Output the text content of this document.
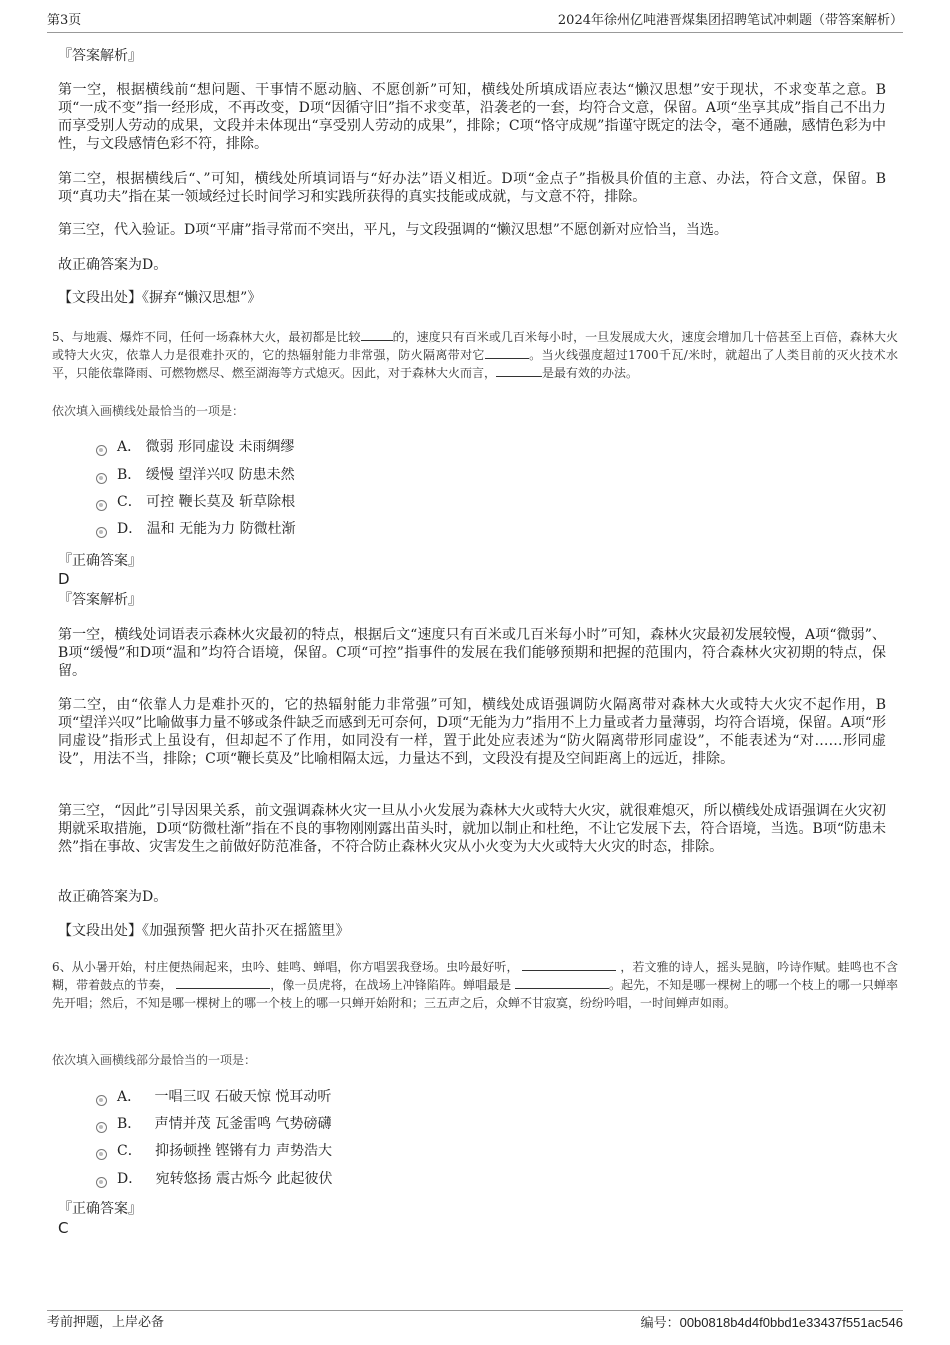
第3页	2024年徐州亿吨港晋煤集团招聘笔试冲刺题（带答案解析）
『答案解析』
第一空，根据横线前“想问题、干事情不愿动脑、不愿创新”可知，横线处所填成语应表达“懒汉思想”安于现状，不求变革之意。B项“一成不变”指一经形成，不再改变，D项“因循守旧”指不求变革，沿袭老的一套，均符合文意，保留。A项“坐享其成”指自己不出力而享受别人劳动的成果，文段并未体现出“享受别人劳动的成果”，排除；C项“恪守成规”指谨守既定的法令，毫不通融，感情色彩为中性，与文段感情色彩不符，排除。
第二空，根据横线后“、”可知，横线处所填词语与“好办法”语义相近。D项“金点子”指极具价值的主意、办法，符合文意，保留。B项“真功夫”指在某一领域经过长时间学习和实践所获得的真实技能或成就，与文意不符，排除。
第三空，代入验证。D项“平庸”指寻常而不突出，平凡，与文段强调的“懒汉思想”不愿创新对应恰当，当选。
故正确答案为D。
【文段出处】《摒弃“懒汉思想”》
5、与地震、爆炸不同，任何一场森林大火，最初都是比较	的，速度只有百米或几百米每小时，一旦发展成大火，速度会增加几十倍甚至上百倍，森林大火或特大火灾，依靠人力是很难扑灭的，它的热辐射能力非常强，防火隔离带对它	。当火线强度超过1700千瓦/米时，就超出了人类目前的灭火技术水平，只能依靠降雨、可燃物燃尽、燃至湖海等方式熄灭。因此，对于森林大火而言，	是最有效的办法。
依次填入画横线处最恰当的一项是：
A．
微弱 形同虚设 未雨绸缪
B．
缓慢 望洋兴叹 防患未然
C．
可控 鞭长莫及 斩草除根
D．
温和 无能为力 防微杜渐
『正确答案』
D
『答案解析』
第一空，横线处词语表示森林火灾最初的特点，根据后文“速度只有百米或几百米每小时”可知，森林火灾最初发展较慢，A项“微弱”、B项“缓慢”和D项“温和”均符合语境，保留。C项“可控”指事件的发展在我们能够预期和把握的范围内，符合森林火灾初期的特点，保留。
第二空，由“依靠人力是难扑灭的，它的热辐射能力非常强”可知，横线处成语强调防火隔离带对森林大火或特大火灾不起作用，B项“望洋兴叹”比喻做事力量不够或条件缺乏而感到无可奈何，D项“无能为力”指用不上力量或者力量薄弱，均符合语境，保留。A项“形同虚设”指形式上虽设有，但却起不了作用，如同没有一样，置于此处应表述为“防火隔离带形同虚设”，不能表述为“对……形同虚设”，用法不当，排除；C项“鞭长莫及”比喻相隔太远，力量达不到，文段没有提及空间距离上的远近，排除。
第三空，“因此”引导因果关系，前文强调森林火灾一旦从小火发展为森林大火或特大火灾，就很难熄灭，所以横线处成语强调在火灾初期就采取措施，D项“防微杜渐”指在不良的事物刚刚露出苗头时，就加以制止和杜绝，不让它发展下去，符合语境，当选。B项“防患未然”指在事故、灾害发生之前做好防范准备，不符合防止森林火灾从小火变为大火或特大火灾的时态，排除。
故正确答案为D。
【文段出处】《加强预警 把火苗扑灭在摇篮里》
6、从小暑开始，村庄便热闹起来，虫吟、蛙鸣、蝉唱，你方唱罢我登场。虫吟最好听，	，若文雅的诗人，摇头晃脑，吟诗作赋。蛙鸣也不含糊，带着鼓点的节奏，	，像一员虎将，在战场上冲锋陷阵。蝉唱最是	。起先，不知是哪一棵树上的哪一个枝上的哪一只蝉率先开唱；然后，不知是哪一棵树上的哪一个枝上的哪一只蝉开始附和；三五声之后，众蝉不甘寂寞，纷纷吟唱，一时间蝉声如雨。
依次填入画横线部分最恰当的一项是：
A．
一唱三叹 石破天惊 悦耳动听
B．
声情并茂 瓦釜雷鸣 气势磅礴
C．
抑扬顿挫 铿锵有力 声势浩大
D．
宛转悠扬 震古烁今 此起彼伏
『正确答案』
C
考前押题，上岸必备	编号：00b0818b4d4f0bbd1e33437f551ac546
